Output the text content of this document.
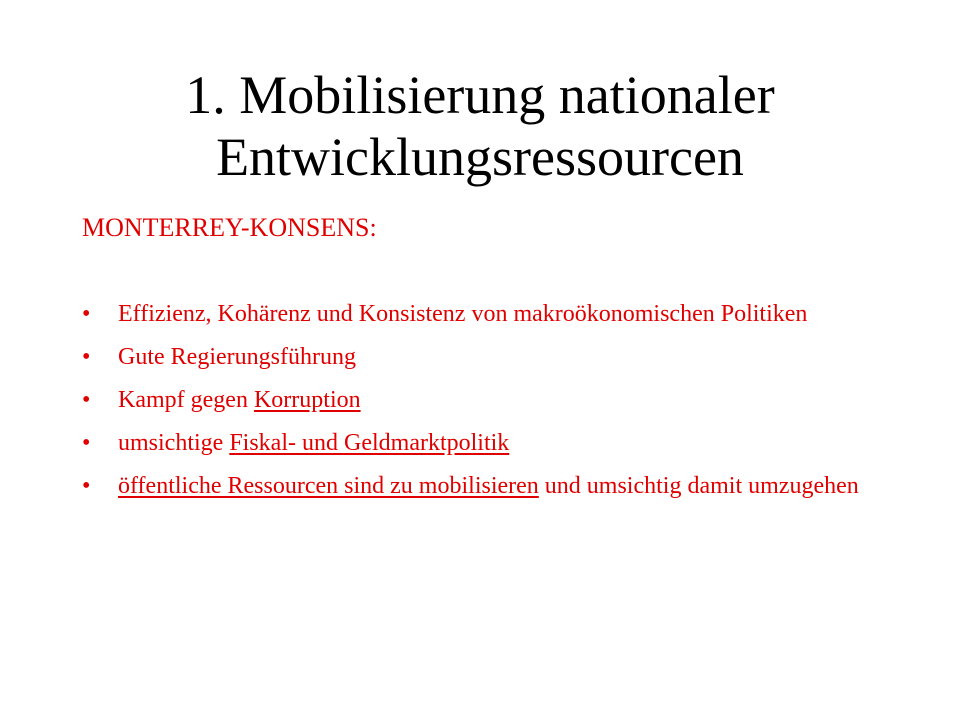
1. Mobilisierung nationaler
Entwicklungsressourcen
MONTERREY-KONSENS:
• Effizienz, Kohärenz und Konsistenz von makroökonomischen Politiken
• Gute Regierungsführung
• Kampf gegen Korruption
• umsichtige Fiskal- und Geldmarktpolitik
• öffentliche Ressourcen sind zu mobilisieren und umsichtig damit umzugehen
